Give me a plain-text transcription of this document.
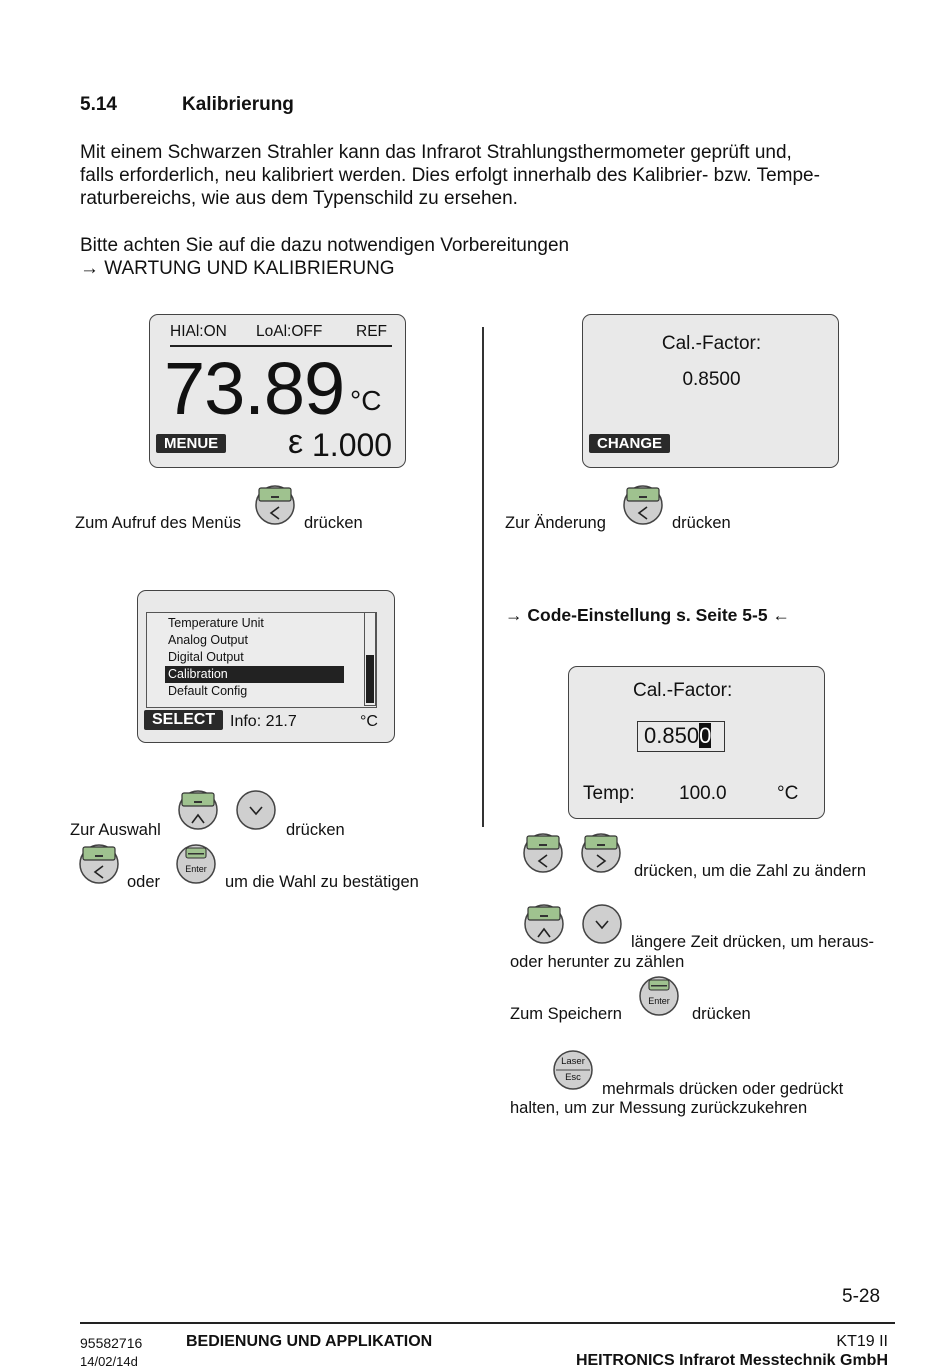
5.14	Kalibrierung
Mit einem Schwarzen Strahler kann das Infrarot Strahlungsthermometer geprüft und,
falls erforderlich, neu kalibriert werden. Dies erfolgt innerhalb des Kalibrier- bzw. Tempe-
raturbereichs, wie aus dem Typenschild zu ersehen.
Bitte achten Sie auf die dazu notwendigen Vorbereitungen
→ WARTUNG UND KALIBRIERUNG
HIAl:ON LoAl:OFF REF
73.89 °C
MENUE ε 1.000
Zum Aufruf des Menüs	drücken
Temperature Unit
Analog Output
Digital Output
Calibration
Default Config
SELECT Info: 21.7	°C
Zur Auswahl	drücken
oder
Enter
um die Wahl zu bestätigen
Cal.-Factor:
0.8500
CHANGE
Zur Änderung	drücken
→ Code-Einstellung s. Seite 5-5 ←
Cal.-Factor:
0.8500
Temp: 100.0	°C
drücken, um die Zahl zu ändern
längere Zeit drücken, um heraus-
oder herunter zu zählen
Zum Speichern
Enter
drücken
Laser
Esc
mehrmals drücken oder gedrückt
halten, um zur Messung zurückzukehren
5-28
95582716
14/02/14d
BEDIENUNG UND APPLIKATION	KT19 II
HEITRONICS Infrarot Messtechnik GmbH
